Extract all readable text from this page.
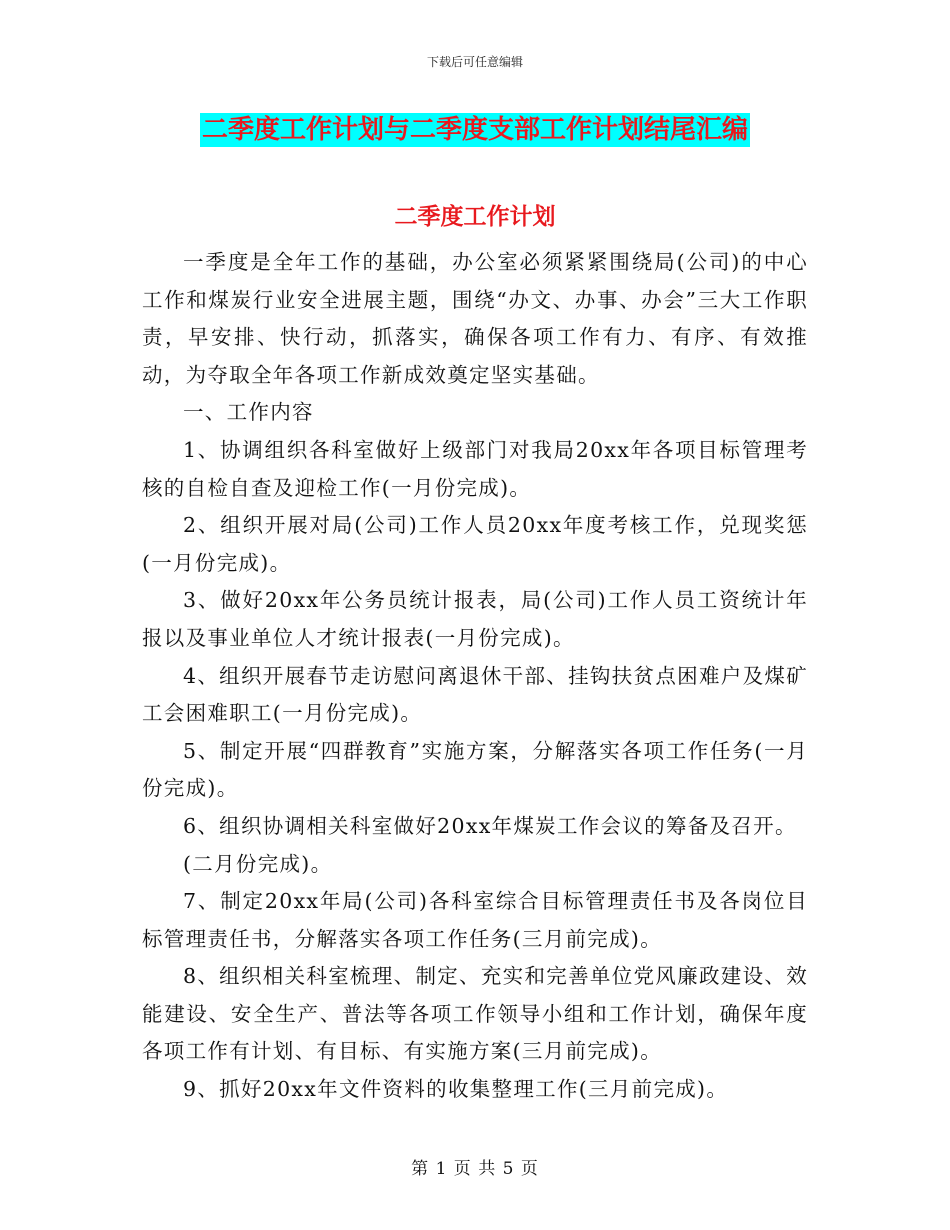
下载后可任意编辑
二季度工作计划与二季度支部工作计划结尾汇编
二季度工作计划

一季度是全年工作的基础，办公室必须紧紧围绕局(公司)的中心工作和煤炭行业安全进展主题，围绕“办文、办事、办会”三大工作职责，早安排、快行动，抓落实，确保各项工作有力、有序、有效推动，为夺取全年各项工作新成效奠定坚实基础。

一、工作内容

1、协调组织各科室做好上级部门对我局20xx年各项目标管理考核的自检自查及迎检工作(一月份完成)。

2、组织开展对局(公司)工作人员20xx年度考核工作，兑现奖惩(一月份完成)。

3、做好20xx年公务员统计报表，局(公司)工作人员工资统计年报以及事业单位人才统计报表(一月份完成)。

4、组织开展春节走访慰问离退休干部、挂钩扶贫点困难户及煤矿工会困难职工(一月份完成)。

5、制定开展“四群教育”实施方案，分解落实各项工作任务(一月份完成)。

6、组织协调相关科室做好20xx年煤炭工作会议的筹备及召开。

(二月份完成)。

7、制定20xx年局(公司)各科室综合目标管理责任书及各岗位目标管理责任书，分解落实各项工作任务(三月前完成)。

8、组织相关科室梳理、制定、充实和完善单位党风廉政建设、效能建设、安全生产、普法等各项工作领导小组和工作计划，确保年度各项工作有计划、有目标、有实施方案(三月前完成)。

9、抓好20xx年文件资料的收集整理工作(三月前完成)。

第 1 页 共 5 页
